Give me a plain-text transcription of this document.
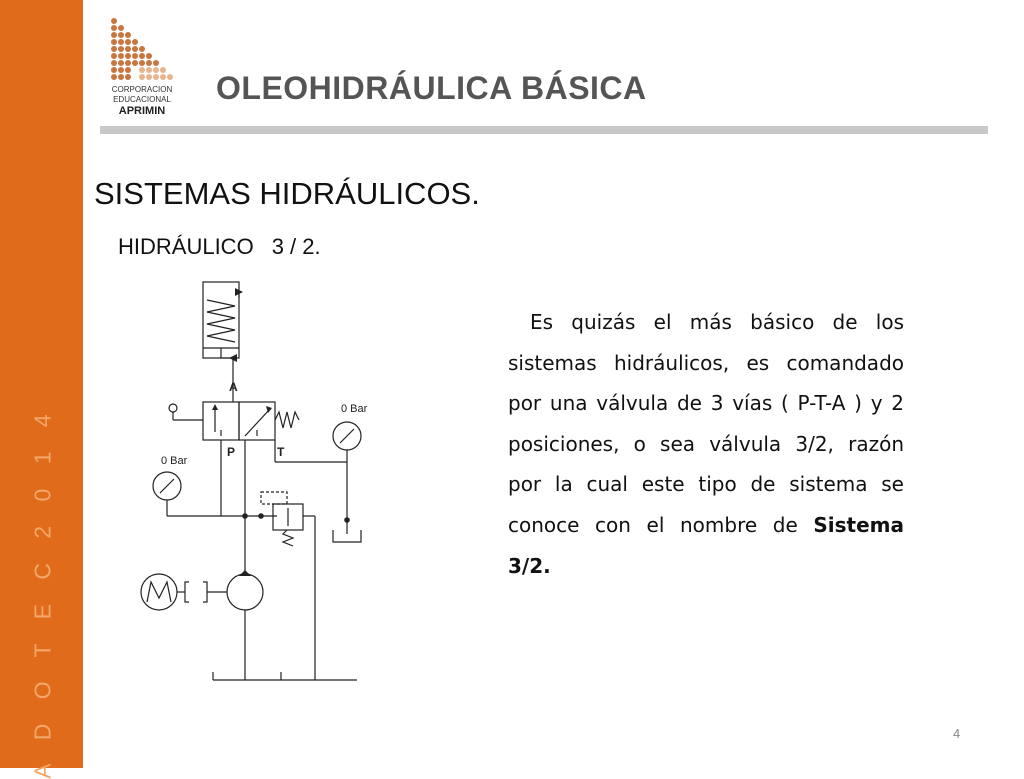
A D O T E C 2 0 1 4
CORPORACION
EDUCACIONAL
APRIMIN
OLEOHIDRÁULICA BÁSICA
SISTEMAS HIDRÁULICOS.
HIDRÁULICO 3 / 2.
A
P	T
0 Bar
0 Bar
Es quizás el más básico de los sistemas hidráulicos, es comandado por una válvula de 3 vías ( P-T-A ) y 2 posiciones, o sea válvula 3/2, razón por la cual este tipo de sistema se conoce con el nombre de Sistema 3/2.
4
